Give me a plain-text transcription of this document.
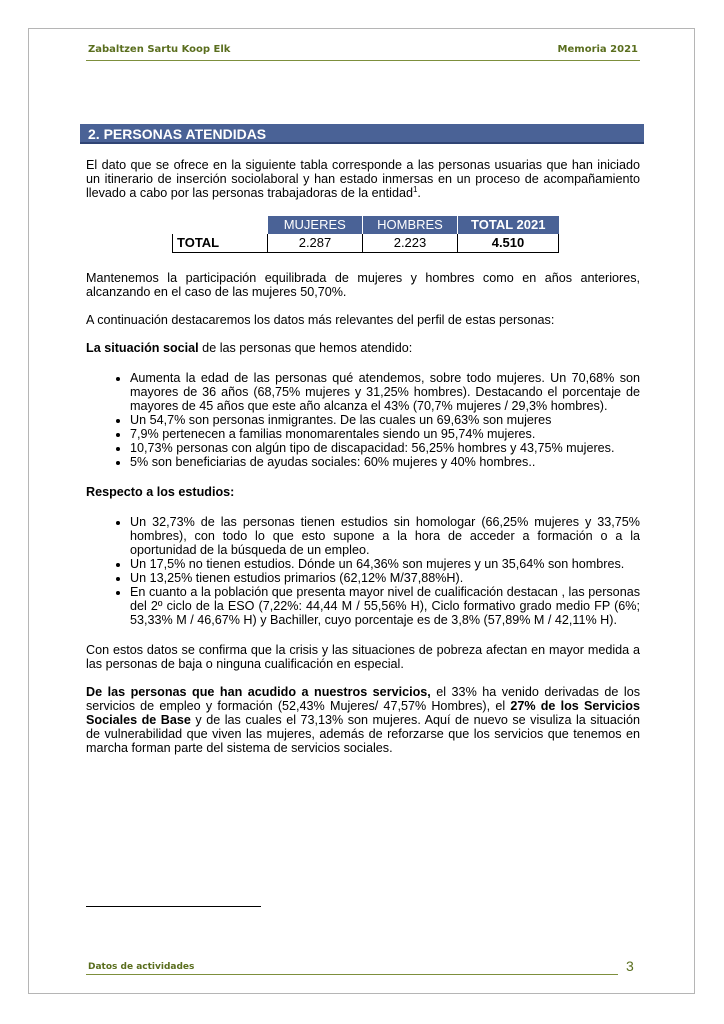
Zabaltzen Sartu Koop Elk	Memoria 2021
2. PERSONAS ATENDIDAS

El dato que se ofrece en la siguiente tabla corresponde a las personas usuarias que han iniciado un itinerario de inserción sociolaboral y han estado inmersas en un proceso de acompañamiento llevado a cabo por las personas trabajadoras de la entidad$^1$.

	MUJERES	HOMBRES	TOTAL 2021
TOTAL	2.287	2.223	4.510

Mantenemos la participación equilibrada de mujeres y hombres como en años anteriores, alcanzando en el caso de las mujeres 50,70%.

A continuación destacaremos los datos más relevantes del perfil de estas personas:

La situación social de las personas que hemos atendido:

• Aumenta la edad de las personas qué atendemos, sobre todo mujeres. Un 70,68% son mayores de 36 años (68,75% mujeres y 31,25% hombres). Destacando el porcentaje de mayores de 45 años que este año alcanza el 43% (70,7% mujeres / 29,3% hombres).
• Un 54,7% son personas inmigrantes. De las cuales un 69,63% son mujeres
• 7,9% pertenecen a familias monomarentales siendo un 95,74% mujeres.
• 10,73% personas con algún tipo de discapacidad: 56,25% hombres y 43,75% mujeres.
• 5% son beneficiarias de ayudas sociales: 60% mujeres y 40% hombres..

Respecto a los estudios:

• Un 32,73% de las personas tienen estudios sin homologar (66,25% mujeres y 33,75% hombres), con todo lo que esto supone a la hora de acceder a formación o a la oportunidad de la búsqueda de un empleo.
• Un 17,5% no tienen estudios. Dónde un 64,36% son mujeres y un 35,64% son hombres.
• Un 13,25% tienen estudios primarios (62,12% M/37,88%H).
• En cuanto a la población que presenta mayor nivel de cualificación destacan , las personas del 2º ciclo de la ESO (7,22%: 44,44 M / 55,56% H), Ciclo formativo grado medio FP (6%; 53,33% M / 46,67% H) y Bachiller, cuyo porcentaje es de 3,8% (57,89% M / 42,11% H).

Con estos datos se confirma que la crisis y las situaciones de pobreza afectan en mayor medida a las personas de baja o ninguna cualificación en especial.

De las personas que han acudido a nuestros servicios, el 33% ha venido derivadas de los servicios de empleo y formación (52,43% Mujeres/ 47,57% Hombres), el 27% de los Servicios Sociales de Base y de las cuales el 73,13% son mujeres. Aquí de nuevo se visuliza la situación de vulnerabilidad que viven las mujeres, además de reforzarse que los servicios que tenemos en marcha forman parte del sistema de servicios sociales.

Datos de actividades	3
